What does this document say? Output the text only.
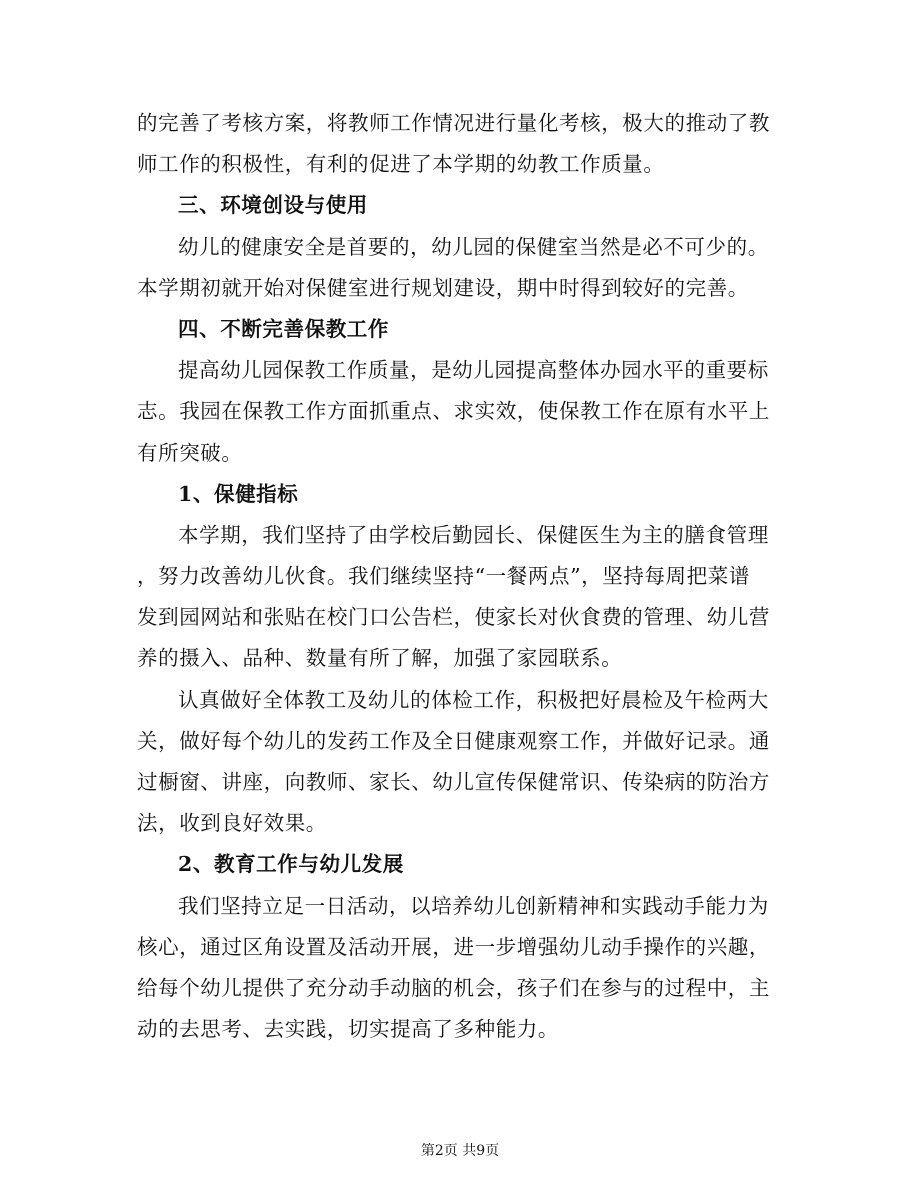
的完善了考核方案，将教师工作情况进行量化考核，极大的推动了教
师工作的积极性，有利的促进了本学期的幼教工作质量。
三、环境创设与使用
幼儿的健康安全是首要的，幼儿园的保健室当然是必不可少的。
本学期初就开始对保健室进行规划建设，期中时得到较好的完善。
四、不断完善保教工作
提高幼儿园保教工作质量，是幼儿园提高整体办园水平的重要标
志。我园在保教工作方面抓重点、求实效，使保教工作在原有水平上
有所突破。
1、保健指标
本学期，我们坚持了由学校后勤园长、保健医生为主的膳食管理
，努力改善幼儿伙食。我们继续坚持“一餐两点”，坚持每周把菜谱
发到园网站和张贴在校门口公告栏，使家长对伙食费的管理、幼儿营
养的摄入、品种、数量有所了解，加强了家园联系。
认真做好全体教工及幼儿的体检工作，积极把好晨检及午检两大
关，做好每个幼儿的发药工作及全日健康观察工作，并做好记录。通
过橱窗、讲座，向教师、家长、幼儿宣传保健常识、传染病的防治方
法，收到良好效果。
2、教育工作与幼儿发展
我们坚持立足一日活动，以培养幼儿创新精神和实践动手能力为
核心，通过区角设置及活动开展，进一步增强幼儿动手操作的兴趣，
给每个幼儿提供了充分动手动脑的机会，孩子们在参与的过程中，主
动的去思考、去实践，切实提高了多种能力。
第2页 共9页
